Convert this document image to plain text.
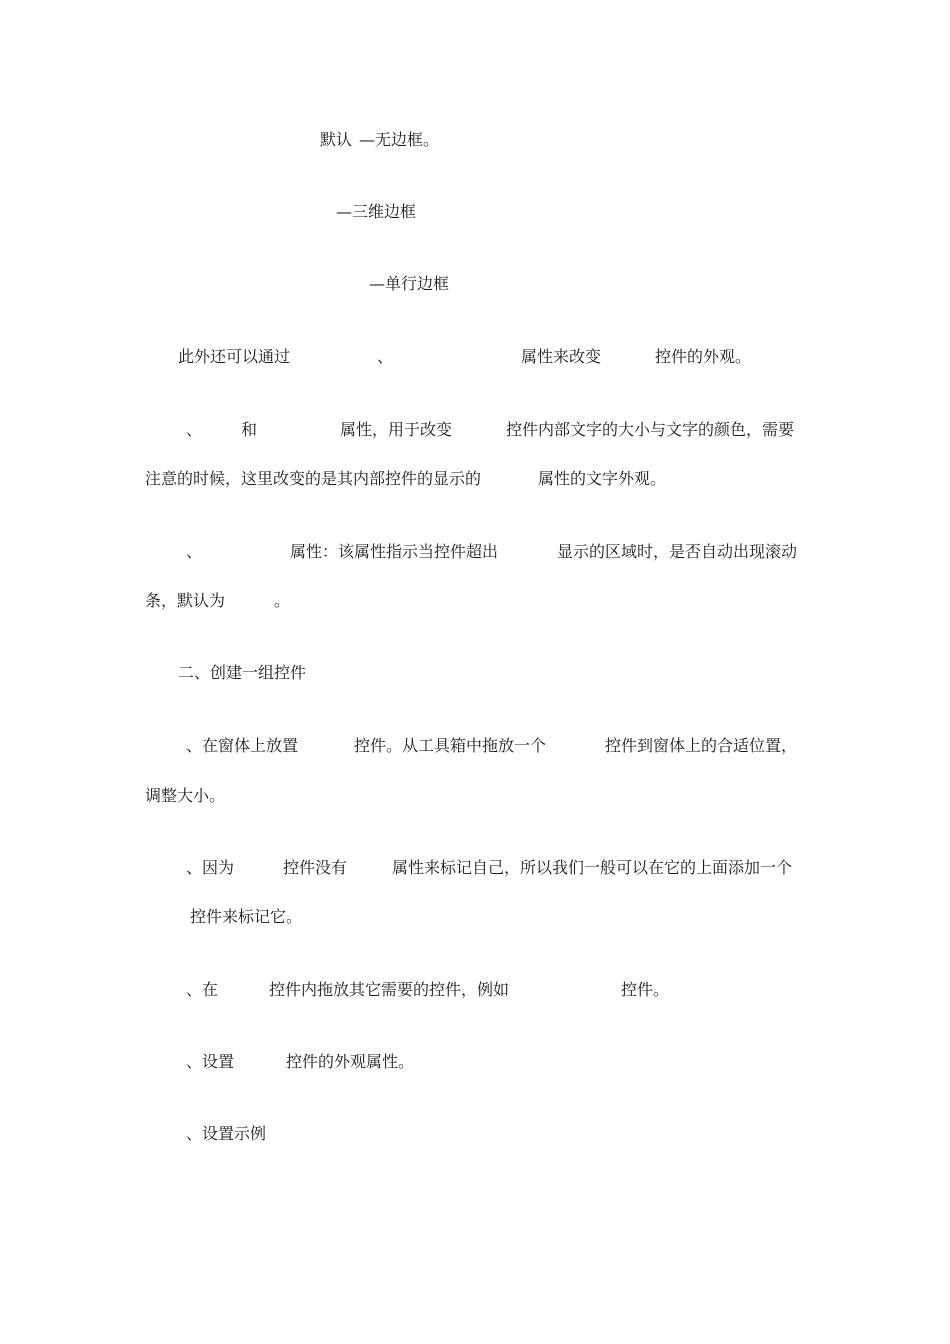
默认 —无边框。
—三维边框
—单行边框
此外还可以通过	、	属性来改变	控件的外观。
、 和	属性，用于改变	控件内部文字的大小与文字的颜色，需要
注意的时候，这里改变的是其内部控件的显示的	属性的文字外观。
、	属性：该属性指示当控件超出	显示的区域时，是否自动出现滚动
条，默认为	。
二、创建一组控件
、在窗体上放置	控件。从工具箱中拖放一个	控件到窗体上的合适位置，
调整大小。
、因为	控件没有	属性来标记自己，所以我们一般可以在它的上面添加一个
控件来标记它。
、在	控件内拖放其它需要的控件，例如	控件。
、设置	控件的外观属性。
、设置示例
